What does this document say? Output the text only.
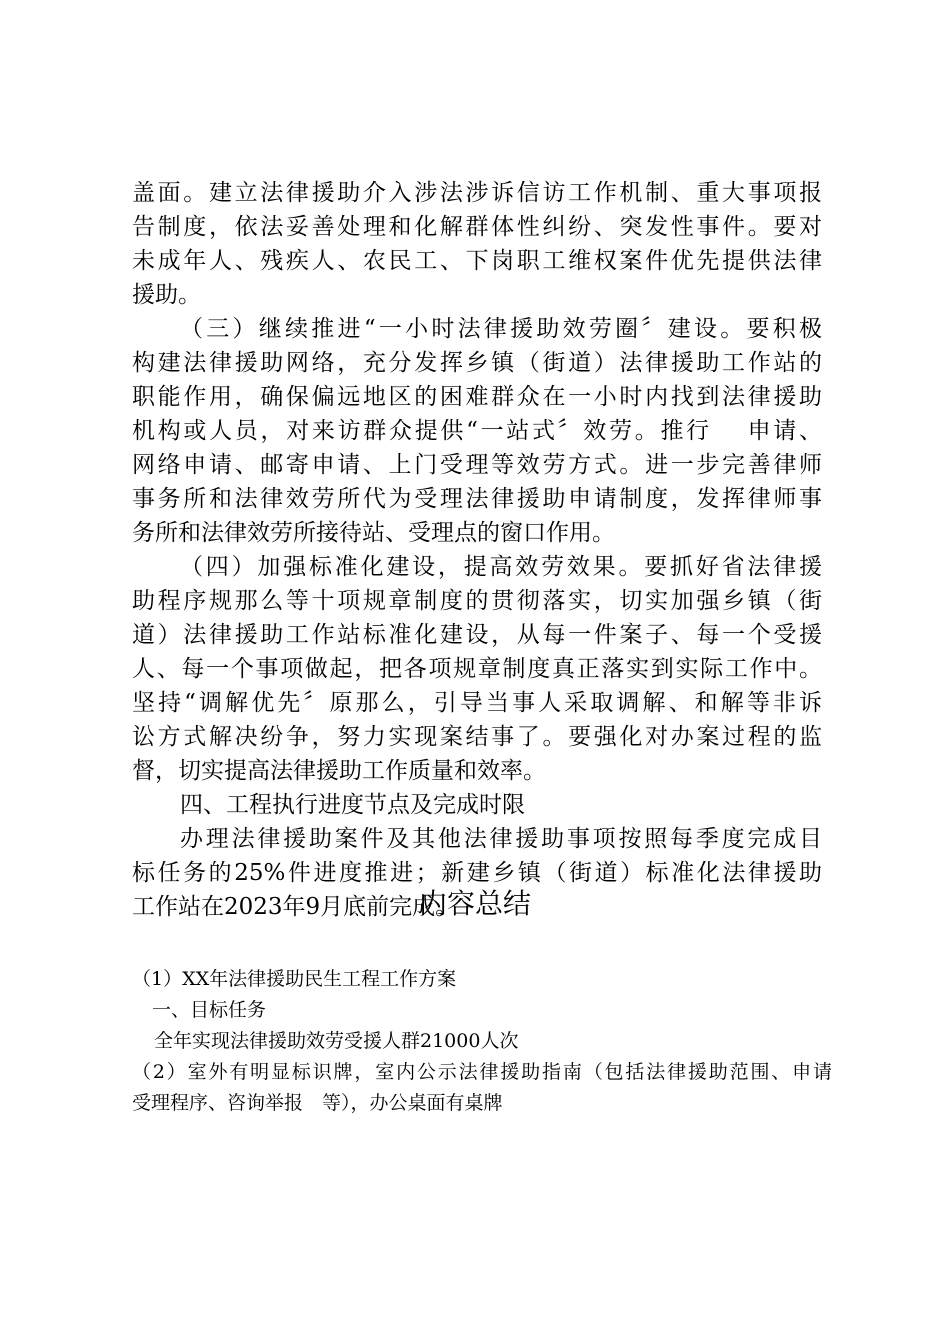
盖面。建立法律援助介入涉法涉诉信访工作机制、重大事项报
告制度，依法妥善处理和化解群体性纠纷、突发性事件。要对
未成年人、残疾人、农民工、下岗职工维权案件优先提供法律
援助。
（三）继续推进“一小时法律援助效劳圈〞建设。要积极
构建法律援助网络，充分发挥乡镇（街道）法律援助工作站的
职能作用，确保偏远地区的困难群众在一小时内找到法律援助
机构或人员，对来访群众提供“一站式〞效劳。推行　 申请、
网络申请、邮寄申请、上门受理等效劳方式。进一步完善律师
事务所和法律效劳所代为受理法律援助申请制度，发挥律师事
务所和法律效劳所接待站、受理点的窗口作用。
（四）加强标准化建设，提高效劳效果。要抓好省法律援
助程序规那么等十项规章制度的贯彻落实，切实加强乡镇（街
道）法律援助工作站标准化建设，从每一件案子、每一个受援
人、每一个事项做起，把各项规章制度真正落实到实际工作中。
坚持“调解优先〞原那么，引导当事人采取调解、和解等非诉
讼方式解决纷争，努力实现案结事了。要强化对办案过程的监
督，切实提高法律援助工作质量和效率。
四、工程执行进度节点及完成时限
办理法律援助案件及其他法律援助事项按照每季度完成目
标任务的25%件进度推进；新建乡镇（街道）标准化法律援助
工作站在2023年9月底前完成。
内容总结
（1）XX年法律援助民生工程工作方案
一、目标任务
全年实现法律援助效劳受援人群21000人次
（2）室外有明显标识牌，室内公示法律援助指南（包括法律援助范围、申请
受理程序、咨询举报　等），办公桌面有桌牌
